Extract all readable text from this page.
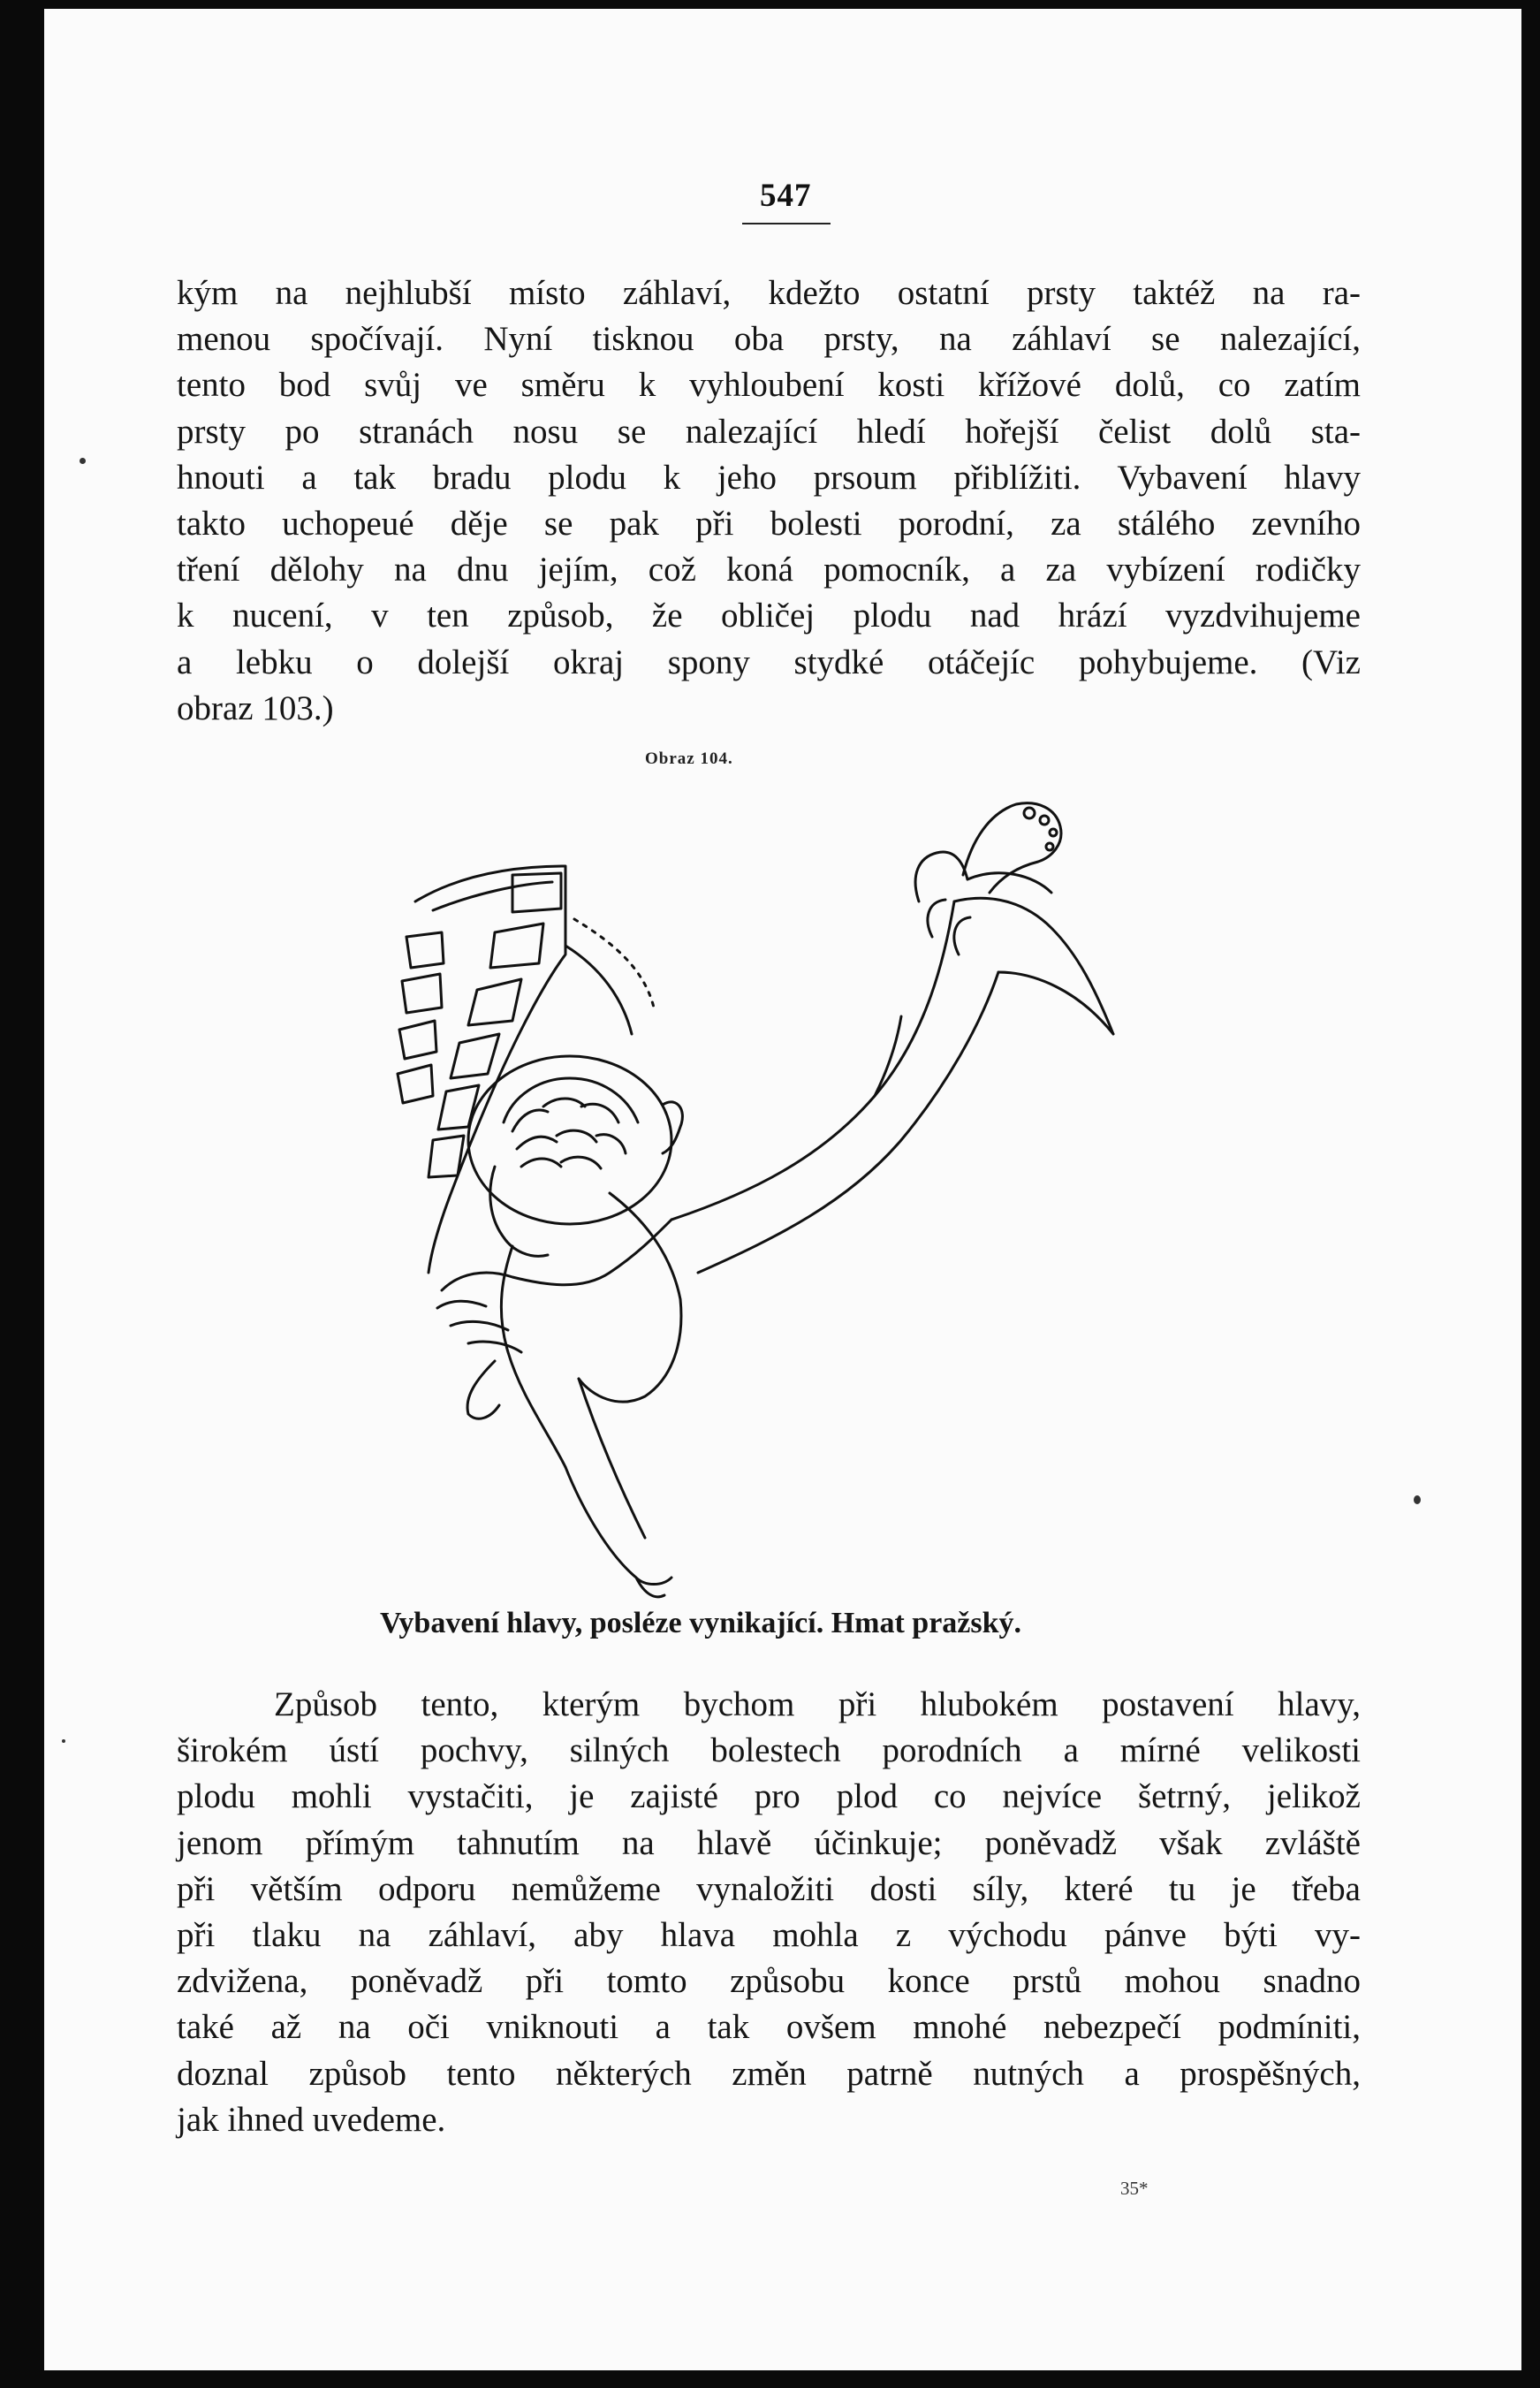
547
kým na nejhlubší místo záhlaví, kdežto ostatní prsty taktéž na ra-
menou spočívají. Nyní tisknou oba prsty, na záhlaví se nalezající,
tento bod svůj ve směru k vyhloubení kosti křížové dolů, co zatím
prsty po stranách nosu se nalezající hledí hořejší čelist dolů sta-
hnouti a tak bradu plodu k jeho prsoum přiblížiti. Vybavení hlavy
takto uchopeué děje se pak při bolesti porodní, za stálého zevního
tření dělohy na dnu jejím, což koná pomocník, a za vybízení rodičky
k nucení, v ten způsob, že obličej plodu nad hrází vyzdvihujeme
a lebku o dolejší okraj spony stydké otáčejíc pohybujeme. (Viz
obraz 103.)
Obraz 104.
Vybavení hlavy, posléze vynikající. Hmat pražský.
Způsob tento, kterým bychom při hlubokém postavení hlavy,
širokém ústí pochvy, silných bolestech porodních a mírné velikosti
plodu mohli vystačiti, je zajisté pro plod co nejvíce šetrný, jelikož
jenom přímým tahnutím na hlavě účinkuje; poněvadž však zvláště
při větším odporu nemůžeme vynaložiti dosti síly, které tu je třeba
při tlaku na záhlaví, aby hlava mohla z východu pánve býti vy-
zdvižena, poněvadž při tomto způsobu konce prstů mohou snadno
také až na oči vniknouti a tak ovšem mnohé nebezpečí podmíniti,
doznal způsob tento některých změn patrně nutných a prospěšných,
jak ihned uvedeme.
35*
